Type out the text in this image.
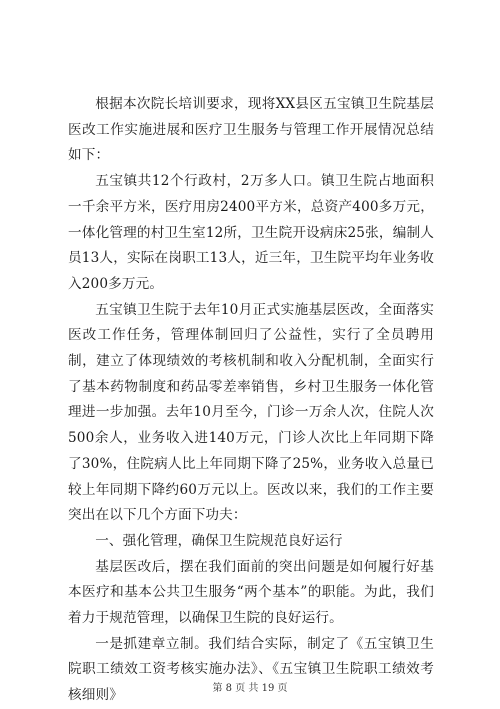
根据本次院长培训要求，现将XX县区五宝镇卫生院基层医改工作实施进展和医疗卫生服务与管理工作开展情况总结如下：

五宝镇共12个行政村，2万多人口。镇卫生院占地面积一千余平方米，医疗用房2400平方米，总资产400多万元，一体化管理的村卫生室12所，卫生院开设病床25张，编制人员13人，实际在岗职工13人，近三年，卫生院平均年业务收入200多万元。

五宝镇卫生院于去年10月正式实施基层医改，全面落实医改工作任务，管理体制回归了公益性，实行了全员聘用制，建立了体现绩效的考核机制和收入分配机制，全面实行了基本药物制度和药品零差率销售，乡村卫生服务一体化管理进一步加强。去年10月至今，门诊一万余人次，住院人次500余人，业务收入进140万元，门诊人次比上年同期下降了30%，住院病人比上年同期下降了25%，业务收入总量已较上年同期下降约60万元以上。医改以来，我们的工作主要突出在以下几个方面下功夫：

一、强化管理，确保卫生院规范良好运行

基层医改后，摆在我们面前的突出问题是如何履行好基本医疗和基本公共卫生服务“两个基本”的职能。为此，我们着力于规范管理，以确保卫生院的良好运行。

一是抓建章立制。我们结合实际，制定了《五宝镇卫生院职工绩效工资考核实施办法》、《五宝镇卫生院职工绩效考核细则》	第 8 页 共 19 页
